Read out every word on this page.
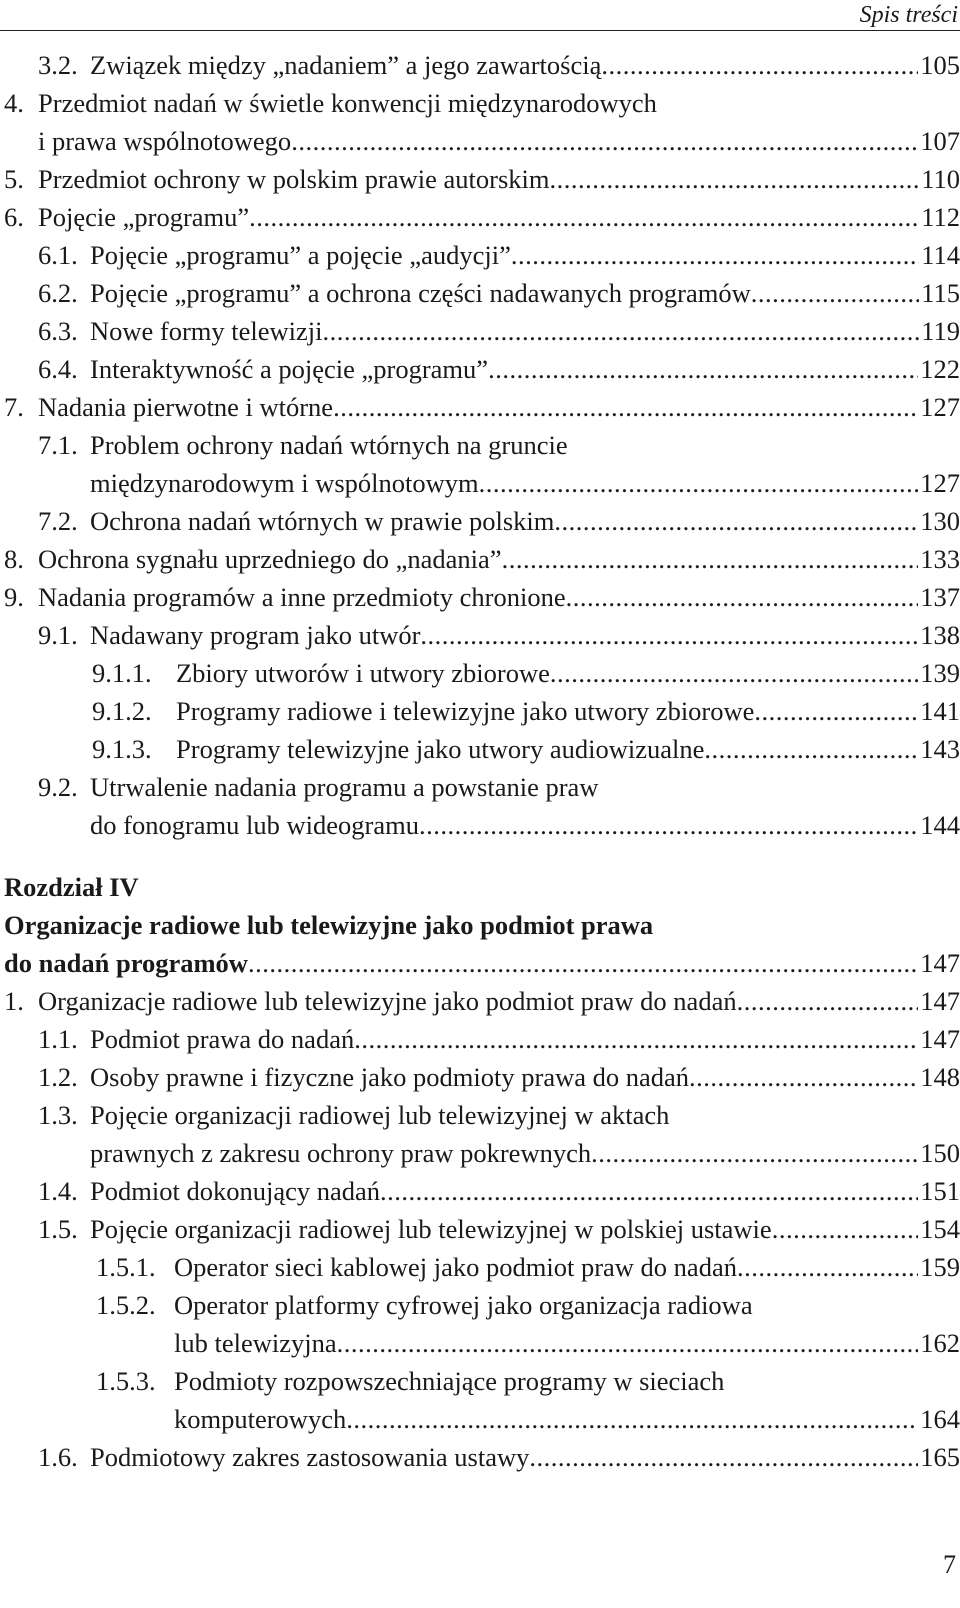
Spis treści
3.2. Związek między „nadaniem” a jego zawartością .....	105
4. Przedmiot nadań w świetle konwencji międzynarodowych
i prawa wspólnotowego .....	107
5. Przedmiot ochrony w polskim prawie autorskim .....	110
6. Pojęcie „programu” .....	112
6.1. Pojęcie „programu” a pojęcie „audycji” .....	114
6.2. Pojęcie „programu” a ochrona części nadawanych programów .....	115
6.3. Nowe formy telewizji .....	119
6.4. Interaktywność a pojęcie „programu” .....	122
7. Nadania pierwotne i wtórne .....	127
7.1. Problem ochrony nadań wtórnych na gruncie
międzynarodowym i wspólnotowym .....	127
7.2. Ochrona nadań wtórnych w prawie polskim .....	130
8. Ochrona sygnału uprzedniego do „nadania” .....	133
9. Nadania programów a inne przedmioty chronione .....	137
9.1. Nadawany program jako utwór .....	138
9.1.1. Zbiory utworów i utwory zbiorowe .....	139
9.1.2. Programy radiowe i telewizyjne jako utwory zbiorowe .....	141
9.1.3. Programy telewizyjne jako utwory audiowizualne .....	143
9.2. Utrwalenie nadania programu a powstanie praw
do fonogramu lub wideogramu .....	144
Rozdział IV
Organizacje radiowe lub telewizyjne jako podmiot prawa
do nadań programów .....	147
1. Organizacje radiowe lub telewizyjne jako podmiot praw do nadań .....	147
1.1. Podmiot prawa do nadań .....	147
1.2. Osoby prawne i fizyczne jako podmioty prawa do nadań .....	148
1.3. Pojęcie organizacji radiowej lub telewizyjnej w aktach
prawnych z zakresu ochrony praw pokrewnych .....	150
1.4. Podmiot dokonujący nadań .....	151
1.5. Pojęcie organizacji radiowej lub telewizyjnej w polskiej ustawie .....	154
1.5.1. Operator sieci kablowej jako podmiot praw do nadań .....	159
1.5.2. Operator platformy cyfrowej jako organizacja radiowa
lub telewizyjna .....	162
1.5.3. Podmioty rozpowszechniające programy w sieciach
komputerowych .....	164
1.6. Podmiotowy zakres zastosowania ustawy .....	165
7
